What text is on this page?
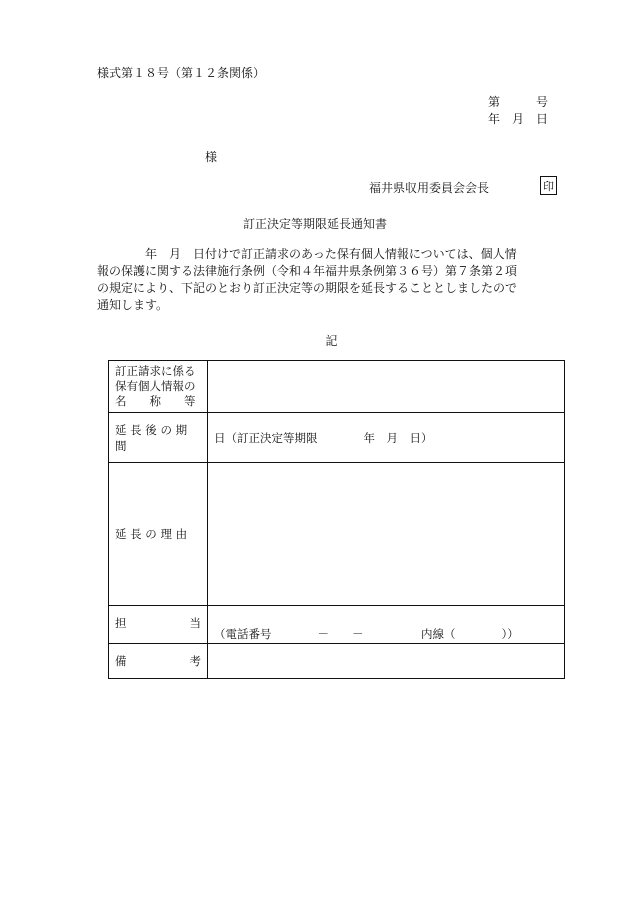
様式第１８号（第１２条関係）
第　　　号
年　月　日
様
福井県収用委員会会長	印
訂正決定等期限延長通知書
　　　　年　月　日付けで訂正請求のあった保有個人情報については、個人情
報の保護に関する法律施行条例（令和４年福井県条例第３６号）第７条第２項
の規定により、下記のとおり訂正決定等の期限を延長することとしましたので
通知します。
記
訂正請求に係る
保有個人情報の
名　　称　　等	

延 長 後 の 期 間	日（訂正決定等期限　　　　年　月　日）
延 長 の 理 由	

担 当	（電話番号　　　　－　　－　　　　　内線（　　　　））

備 考	
